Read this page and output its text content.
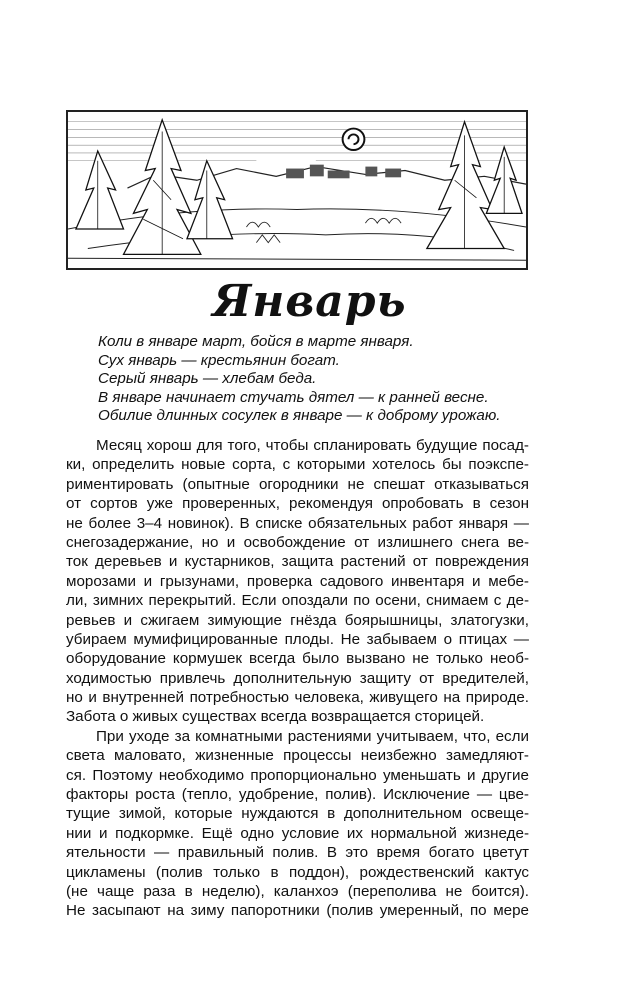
Январь
Коли в январе март, бойся в марте января.
Сух январь — крестьянин богат.
Серый январь — хлебам беда.
В январе начинает стучать дятел — к ранней весне.
Обилие длинных сосулек в январе — к доброму урожаю.
Месяц хорош для того, чтобы спланировать будущие посад-
ки, определить новые сорта, с которыми хотелось бы поэкспе-
риментировать (опытные огородники не спешат отказываться
от сортов уже проверенных, рекомендуя опробовать в сезон
не более 3–4 новинок). В списке обязательных работ января —
снегозадержание, но и освобождение от излишнего снега ве-
ток деревьев и кустарников, защита растений от повреждения
морозами и грызунами, проверка садового инвентаря и мебе-
ли, зимних перекрытий. Если опоздали по осени, снимаем с де-
ревьев и сжигаем зимующие гнёзда боярышницы, златогузки,
убираем мумифицированные плоды. Не забываем о птицах —
оборудование кормушек всегда было вызвано не только необ-
ходимостью привлечь дополнительную защиту от вредителей,
но и внутренней потребностью человека, живущего на природе.
Забота о живых существах всегда возвращается сторицей.
При уходе за комнатными растениями учитываем, что, если
света маловато, жизненные процессы неизбежно замедляют-
ся. Поэтому необходимо пропорционально уменьшать и другие
факторы роста (тепло, удобрение, полив). Исключение — цве-
тущие зимой, которые нуждаются в дополнительном освеще-
нии и подкормке. Ещё одно условие их нормальной жизнеде-
ятельности — правильный полив. В это время богато цветут
цикламены (полив только в поддон), рождественский кактус
(не чаще раза в неделю), каланхоэ (переполива не боится).
Не засыпают на зиму папоротники (полив умеренный, по мере
